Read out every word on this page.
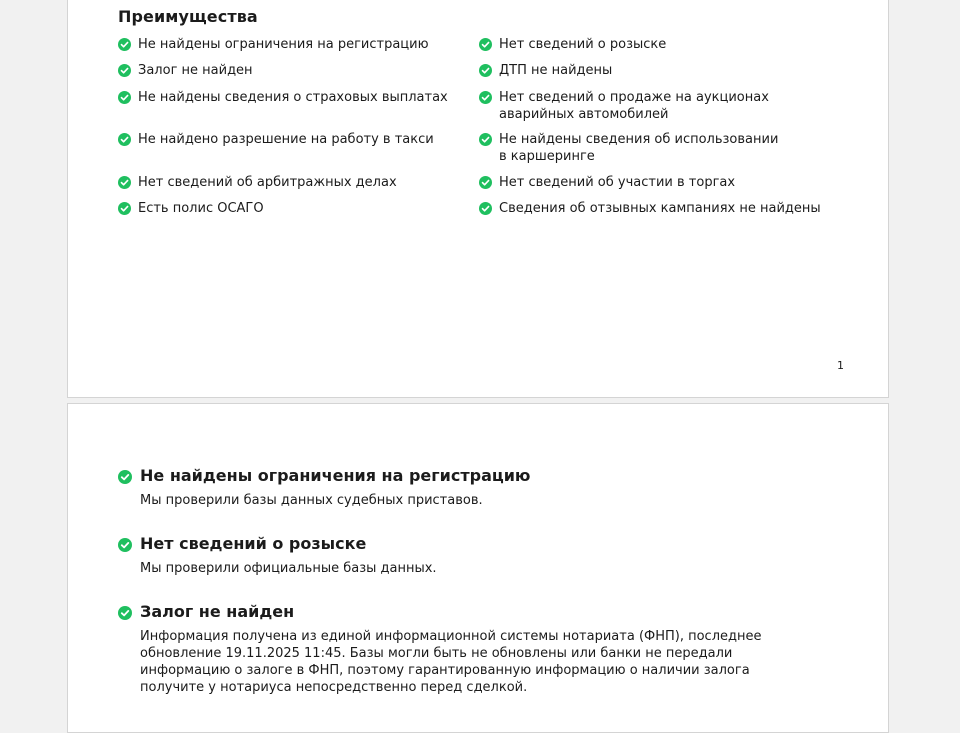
Преимущества
Не найдены ограничения на регистрацию
Залог не найден
Не найдены сведения о страховых выплатах
Не найдено разрешение на работу в такси
Нет сведений об арбитражных делах
Есть полис ОСАГО
Нет сведений о розыске
ДТП не найдены
Нет сведений о продаже на аукционах аварийных автомобилей
Не найдены сведения об использовании в каршеринге
Нет сведений об участии в торгах
Сведения об отзывных кампаниях не найдены
1
Не найдены ограничения на регистрацию
Мы проверили базы данных судебных приставов.
Нет сведений о розыске
Мы проверили официальные базы данных.
Залог не найден
Информация получена из единой информационной системы нотариата (ФНП), последнее обновление 19.11.2025 11:45. Базы могли быть не обновлены или банки не передали информацию о залоге в ФНП, поэтому гарантированную информацию о наличии залога получите у нотариуса непосредственно перед сделкой.
